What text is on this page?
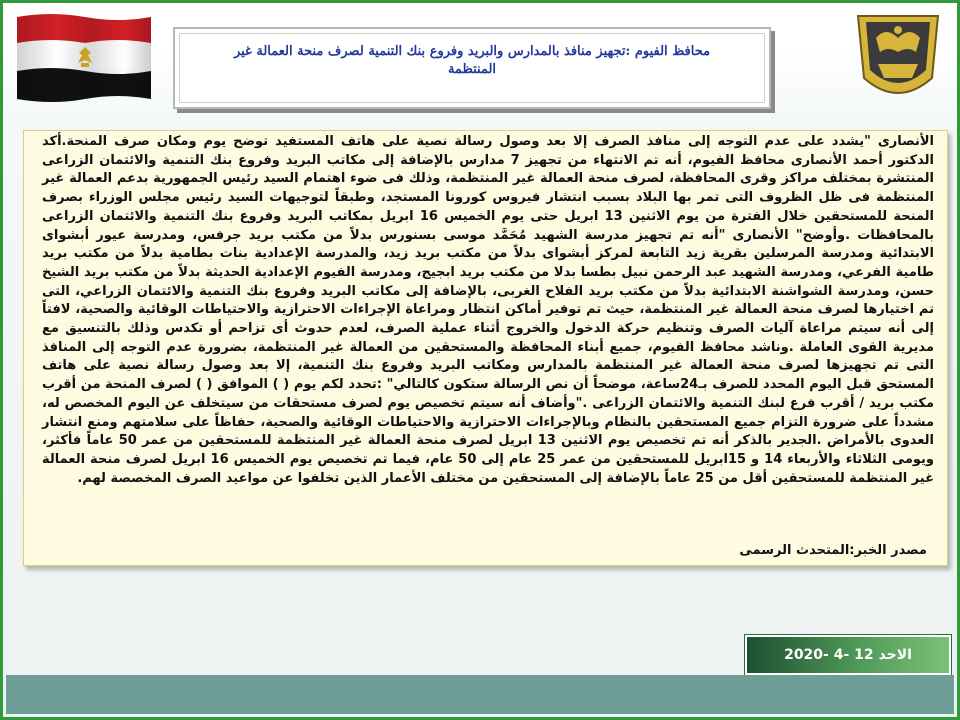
محافظ الفيوم :تجهيز منافذ بالمدارس والبريد وفروع بنك التنمية لصرف منحة العمالة غير
المنتظمة

الأنصارى "يشدد على عدم التوجه إلى منافذ الصرف إلا بعد وصول رسالة نصية على هاتف المستفيد توضح يوم ومكان صرف المنحة.أكد الدكتور أحمد الأنصارى محافظ الفيوم، أنه تم الانتهاء من تجهيز 7 مدارس بالإضافة إلى مكاتب البريد وفروع بنك التنمية والائتمان الزراعى المنتشرة بمختلف مراكز وقرى المحافظة، لصرف منحة العمالة غير المنتظمة، وذلك فى ضوء اهتمام السيد رئيس الجمهورية بدعم العمالة غير المنتظمة فى ظل الظروف التى تمر بها البلاد بسبب انتشار فيروس كورونا المستجد، وطبقاً لتوجيهات السيد رئيس مجلس الوزراء بصرف المنحة للمستحقين خلال الفترة من يوم الاثنين 13 ابريل حتى يوم الخميس 16 ابريل بمكاتب البريد وفروع بنك التنمية والائتمان الزراعى بالمحافظات .وأوضح" الأنصارى "أنه تم تجهيز مدرسة الشهيد مُحَمَّد موسى بسنورس بدلاً من مكتب بريد جرفس، ومدرسة عيور أبشواى الابتدائية ومدرسة المرسلين بقرية زيد التابعة لمركز أبشواى بدلاً من مكتب بريد زيد، والمدرسة الإعدادية بنات بطامية بدلاً من مكتب بريد طامية الفرعي، ومدرسة الشهيد عبد الرحمن نبيل بطسا بدلا من مكتب بريد ابجيج، ومدرسة الفيوم الإعدادية الحديثة بدلاً من مكتب بريد الشيخ حسن، ومدرسة الشواشنة الابتدائية بدلاً من مكتب بريد الفلاح الغربى، بالإضافة إلى مكاتب البريد وفروع بنك التنمية والائتمان الزراعي، التى تم اختيارها لصرف منحة العمالة غير المنتظمة، حيث تم توفير أماكن انتظار ومراعاة الإجراءات الاحترازية والاحتياطات الوقائية والصحية، لافتاً إلى أنه سيتم مراعاة آليات الصرف وتنظيم حركة الدخول والخروج أثناء عملية الصرف، لعدم حدوث أى تزاحم أو تكدس وذلك بالتنسيق مع مديرية القوى العاملة .وناشد محافظ الفيوم، جميع أبناء المحافظة والمستحقين من العمالة غير المنتظمة، بضرورة عدم التوجه إلى المنافذ التى تم تجهيزها لصرف منحة العمالة غير المنتظمة بالمدارس ومكاتب البريد وفروع بنك التنمية، إلا بعد وصول رسالة نصية على هاتف المستحق قبل اليوم المحدد للصرف بـ24ساعة، موضحاً أن نص الرسالة ستكون كالتالي" :تحدد لكم يوم ( ) الموافق ( ) لصرف المنحة من أقرب مكتب بريد / أقرب فرع لبنك التنمية والائتمان الزراعى ."وأضاف أنه سيتم تخصيص يوم لصرف مستحقات من سيتخلف عن اليوم المخصص له، مشدداً على ضرورة التزام جميع المستحقين بالنظام وبالإجراءات الاحترازية والاحتياطات الوقائية والصحية، حفاظاً على سلامتهم ومنع انتشار العدوى بالأمراض .الجدير بالذكر أنه تم تخصيص يوم الاثنين 13 ابريل لصرف منحة العمالة غير المنتظمة للمستحقين من عمر 50 عاماً فأكثر، ويومى الثلاثاء والأربعاء 14 و 15ابريل للمستحقين من عمر 25 عام إلى 50 عام، فيما تم تخصيص يوم الخميس 16 ابريل لصرف منحة العمالة غير المنتظمة للمستحقين أقل من 25 عاماً بالإضافة إلى المستحقين من مختلف الأعمار الذين تخلفوا عن مواعيد الصرف المخصصة لهم.

مصدر الخبر:المتحدث الرسمى
الاحد 12 -4 -2020
